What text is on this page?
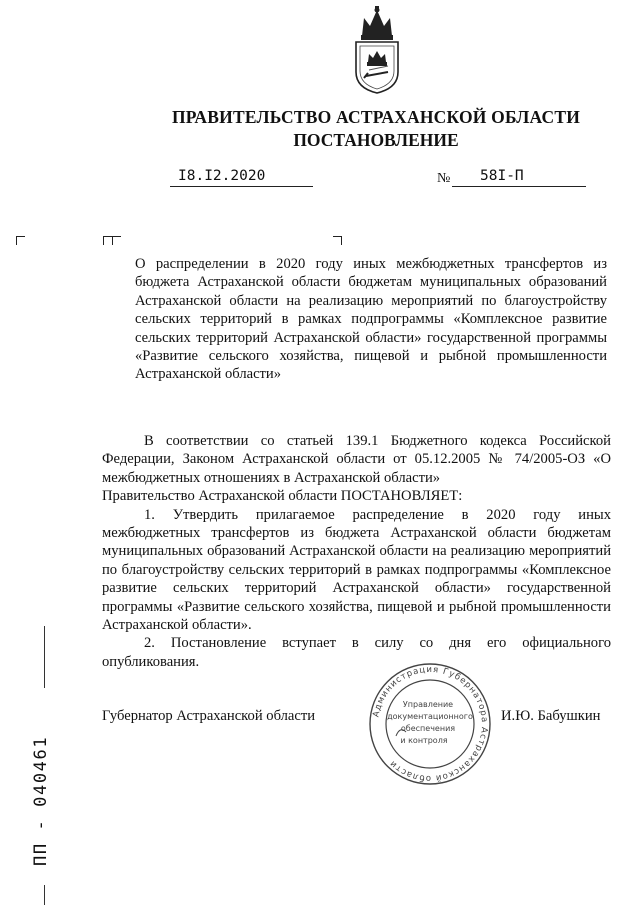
ПРАВИТЕЛЬСТВО АСТРАХАНСКОЙ ОБЛАСТИ
ПОСТАНОВЛЕНИЕ
I8.I2.2020	№ 58I-П
О распределении в 2020 году иных межбюджетных трансфертов из бюджета Астраханской области бюджетам муниципальных образований Астраханской области на реализацию мероприятий по благоустройству сельских территорий в рамках подпрограммы «Комплексное развитие сельских территорий Астраханской области» государственной программы «Развитие сельского хозяйства, пищевой и рыбной промышленности Астраханской области»

В соответствии со статьей 139.1 Бюджетного кодекса Российской Федерации, Законом Астраханской области от 05.12.2005 № 74/2005-ОЗ «О межбюджетных отношениях в Астраханской области»

Правительство Астраханской области ПОСТАНОВЛЯЕТ:

1. Утвердить прилагаемое распределение в 2020 году иных межбюджетных трансфертов из бюджета Астраханской области бюджетам муниципальных образований Астраханской области на реализацию мероприятий по благоустройству сельских территорий в рамках подпрограммы «Комплексное развитие сельских территорий Астраханской области» государственной программы «Развитие сельского хозяйства, пищевой и рыбной промышленности Астраханской области».

2. Постановление вступает в силу со дня его официального опубликования.

Губернатор Астраханской области	И.Ю. Бабушкин
Администрация Губернатора Астраханской области
Управление
документационного
обеспечения
и контроля
ПП - 040461
